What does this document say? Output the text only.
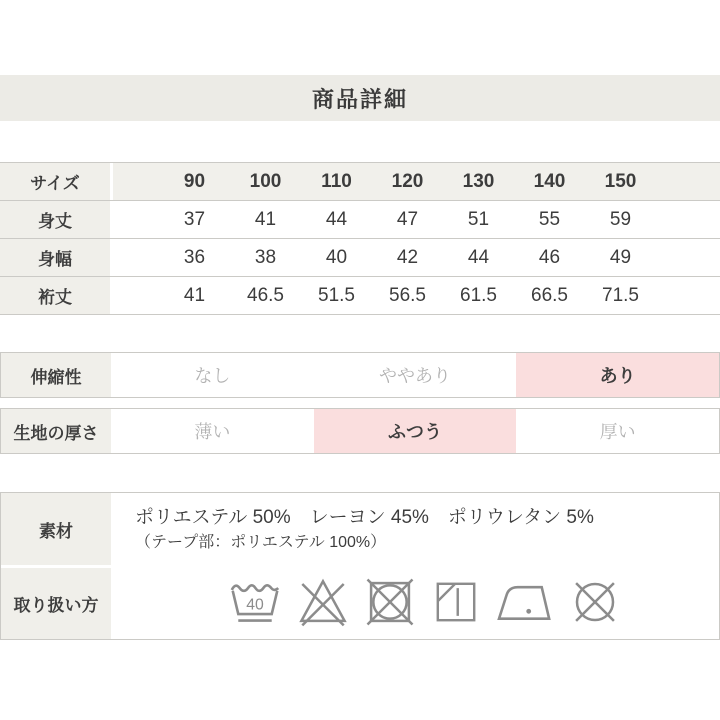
商品詳細
サイズ	90	100	110	120	130	140	150
身丈	37	41	44	47	51	55	59
身幅	36	38	40	42	44	46	49
裄丈	41	46.5	51.5	56.5	61.5	66.5	71.5
伸縮性	なし	ややあり	あり
生地の厚さ	薄い	ふつう	厚い
素材
ポリエステル 50%　レーヨン 45%　ポリウレタン 5%
（テープ部：ポリエステル 100%）
取り扱い方	40
